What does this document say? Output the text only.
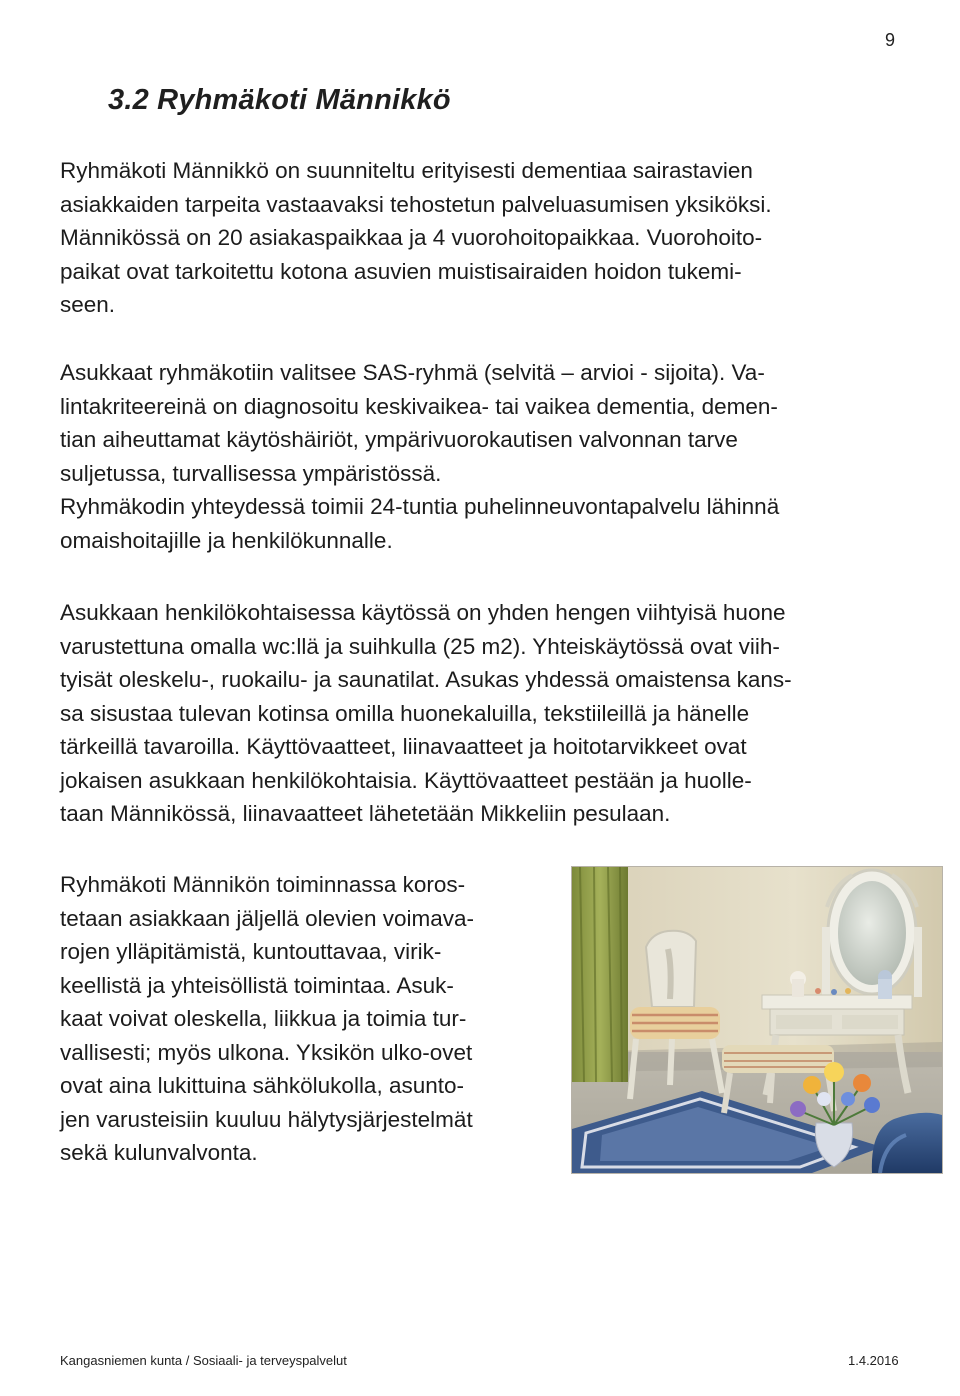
9
3.2 Ryhmäkoti Männikkö

Ryhmäkoti Männikkö on suunniteltu erityisesti dementiaa sairastavien
asiakkaiden tarpeita vastaavaksi tehostetun palveluasumisen yksiköksi.
Männikössä on 20 asiakaspaikkaa ja 4 vuorohoitopaikkaa. Vuorohoito-
paikat ovat tarkoitettu kotona asuvien muistisairaiden hoidon tukemi-
seen.

Asukkaat ryhmäkotiin valitsee SAS-ryhmä (selvitä – arvioi - sijoita). Va-
lintakriteereinä on diagnosoitu keskivaikea- tai vaikea dementia, demen-
tian aiheuttamat käytöshäiriöt, ympärivuorokautisen valvonnan tarve
suljetussa, turvallisessa ympäristössä.
Ryhmäkodin yhteydessä toimii 24-tuntia puhelinneuvontapalvelu lähinnä
omaishoitajille ja henkilökunnalle.

Asukkaan henkilökohtaisessa käytössä on yhden hengen viihtyisä huone
varustettuna omalla wc:llä ja suihkulla (25 m2). Yhteiskäytössä ovat viih-
tyisät oleskelu-, ruokailu- ja saunatilat. Asukas yhdessä omaistensa kans-
sa sisustaa tulevan kotinsa omilla huonekaluilla, tekstiileillä ja hänelle
tärkeillä tavaroilla. Käyttövaatteet, liinavaatteet ja hoitotarvikkeet ovat
jokaisen asukkaan henkilökohtaisia. Käyttövaatteet pestään ja huolle-
taan Männikössä, liinavaatteet lähetetään Mikkeliin pesulaan.

Ryhmäkoti Männikön toiminnassa koros-
tetaan asiakkaan jäljellä olevien voimava-
rojen ylläpitämistä, kuntouttavaa, virik-
keellistä ja yhteisöllistä toimintaa. Asuk-
kaat voivat oleskella, liikkua ja toimia tur-
vallisesti; myös ulkona. Yksikön ulko-ovet
ovat aina lukittuina sähkölukolla, asunto-
jen varusteisiin kuuluu hälytysjärjestelmät
sekä kulunvalvonta.

Kangasniemen kunta / Sosiaali- ja terveyspalvelut	1.4.2016
